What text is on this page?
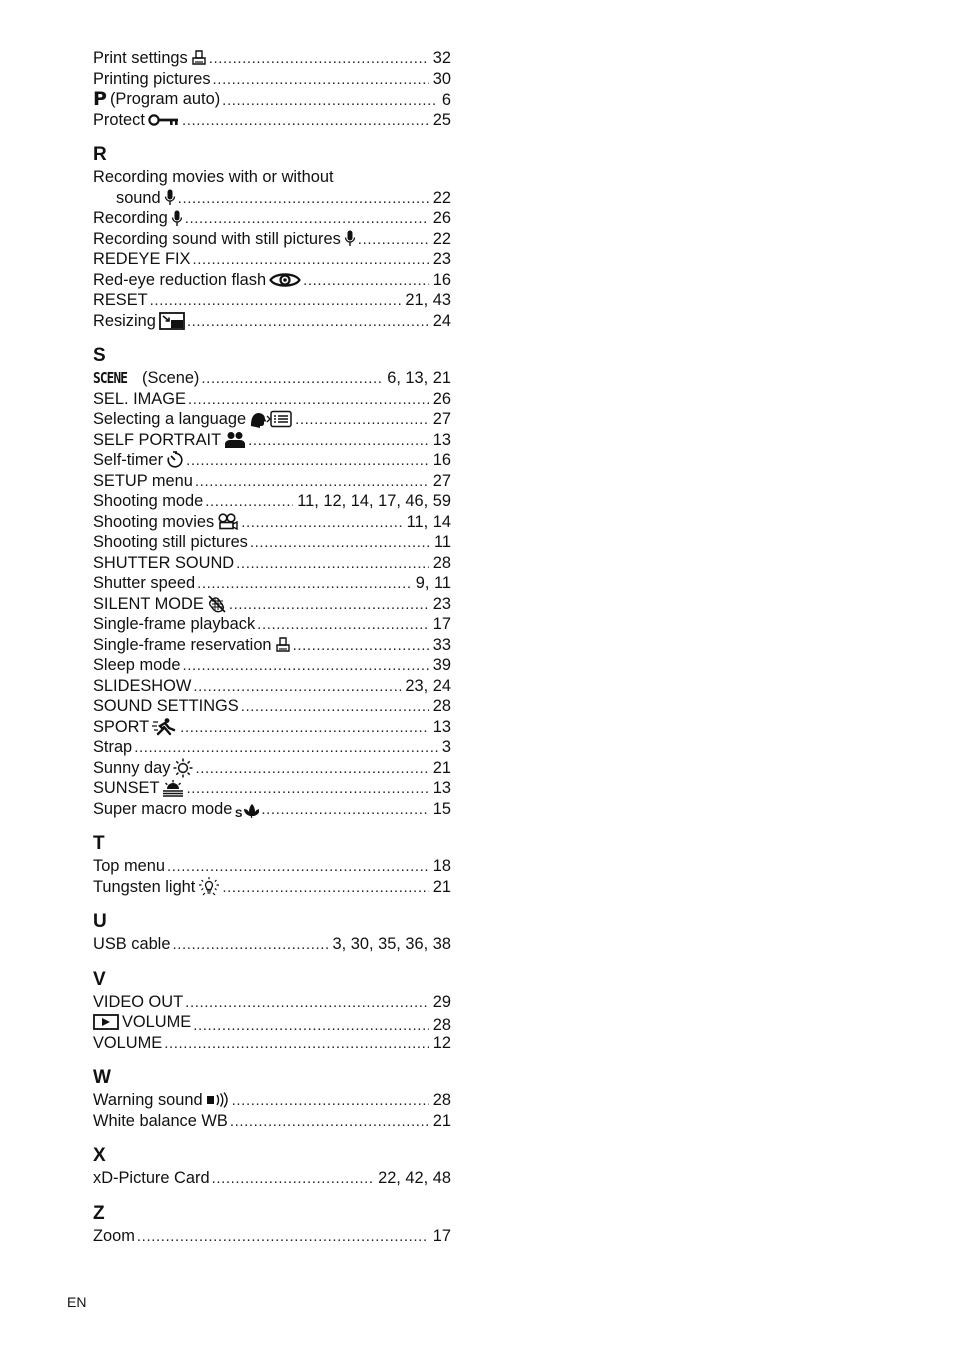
Print settings .....	32
Printing pictures .....	30
P (Program auto) .....	6
Protect .....	25
R
Recording movies with or without
sound .....	22
Recording .....	26
Recording sound with still pictures .....	22
REDEYE FIX .....	23
Red-eye reduction flash .....	16
RESET .....	21, 43
Resizing .....	24
S
SCENE (Scene) .....	6, 13, 21
SEL. IMAGE .....	26
Selecting a language .....	27
SELF PORTRAIT .....	13
Self-timer .....	16
SETUP menu .....	27
Shooting mode .....	11, 12, 14, 17, 46, 59
Shooting movies .....	11, 14
Shooting still pictures .....	11
SHUTTER SOUND .....	28
Shutter speed .....	9, 11
SILENT MODE .....	23
Single-frame playback .....	17
Single-frame reservation .....	33
Sleep mode .....	39
SLIDESHOW .....	23, 24
SOUND SETTINGS .....	28
SPORT .....	13
Strap .....	3
Sunny day .....	21
SUNSET .....	13
Super macro mode S .....	15
T
Top menu .....	18
Tungsten light .....	21
U
USB cable .....	3, 30, 35, 36, 38
V
VIDEO OUT .....	29
VOLUME .....	28
VOLUME .....	12
W
Warning sound .....	28
White balance WB .....	21
X
xD-Picture Card .....	22, 42, 48
Z
Zoom .....	17
EN
